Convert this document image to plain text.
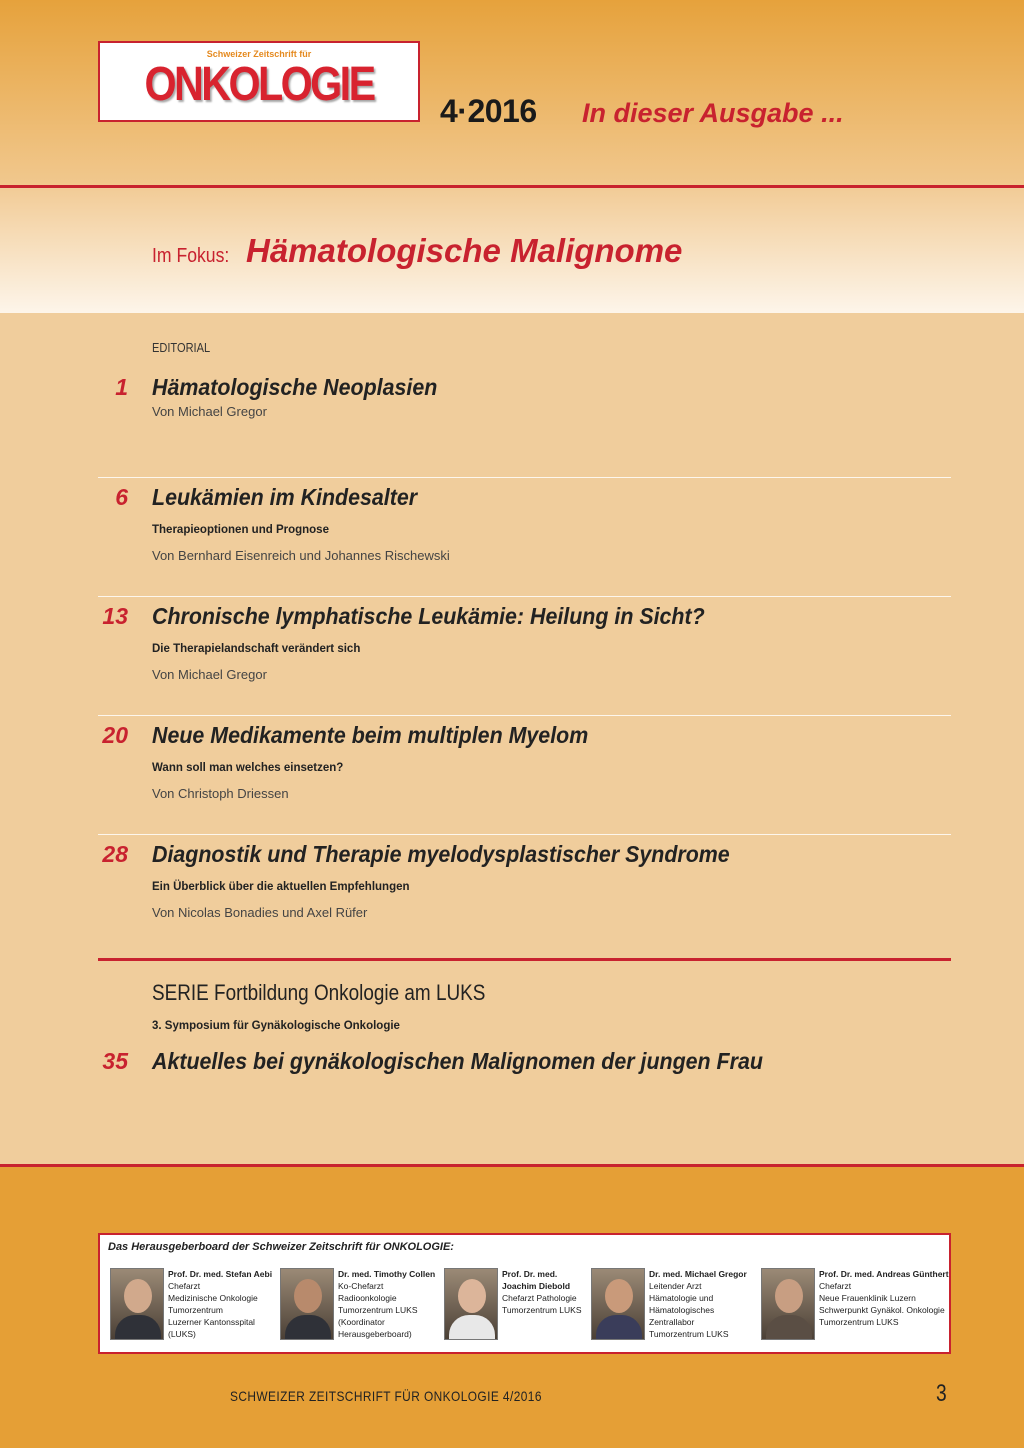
Schweizer Zeitschrift für
ONKOLOGIE	4·2016 In dieser Ausgabe ...
Im Fokus: Hämatologische Malignome
EDITORIAL
1 Hämatologische Neoplasien
Von Michael Gregor
6 Leukämien im Kindesalter
Therapieoptionen und Prognose
Von Bernhard Eisenreich und Johannes Rischewski
13 Chronische lymphatische Leukämie: Heilung in Sicht?
Die Therapielandschaft verändert sich
Von Michael Gregor
20 Neue Medikamente beim multiplen Myelom
Wann soll man welches einsetzen?
Von Christoph Driessen
28 Diagnostik und Therapie myelodysplastischer Syndrome
Ein Überblick über die aktuellen Empfehlungen
Von Nicolas Bonadies und Axel Rüfer
SERIE Fortbildung Onkologie am LUKS
3. Symposium für Gynäkologische Onkologie
35 Aktuelles bei gynäkologischen Malignomen der jungen Frau
Das Herausgeberboard der Schweizer Zeitschrift für ONKOLOGIE:
Prof. Dr. med. Stefan Aebi
Chefarzt
Medizinische Onkologie
Tumorzentrum
Luzerner Kantonsspital
(LUKS)
Dr. med. Timothy Collen
Ko-Chefarzt
Radioonkologie
Tumorzentrum LUKS
(Koordinator
Herausgeberboard)
Prof. Dr. med.
Joachim Diebold
Chefarzt Pathologie
Tumorzentrum LUKS
Dr. med. Michael Gregor
Leitender Arzt
Hämatologie und
Hämatologisches
Zentrallabor
Tumorzentrum LUKS
Prof. Dr. med. Andreas Günthert
Chefarzt
Neue Frauenklinik Luzern
Schwerpunkt Gynäkol. Onkologie
Tumorzentrum LUKS
SCHWEIZER ZEITSCHRIFT FÜR ONKOLOGIE 4/2016	3
